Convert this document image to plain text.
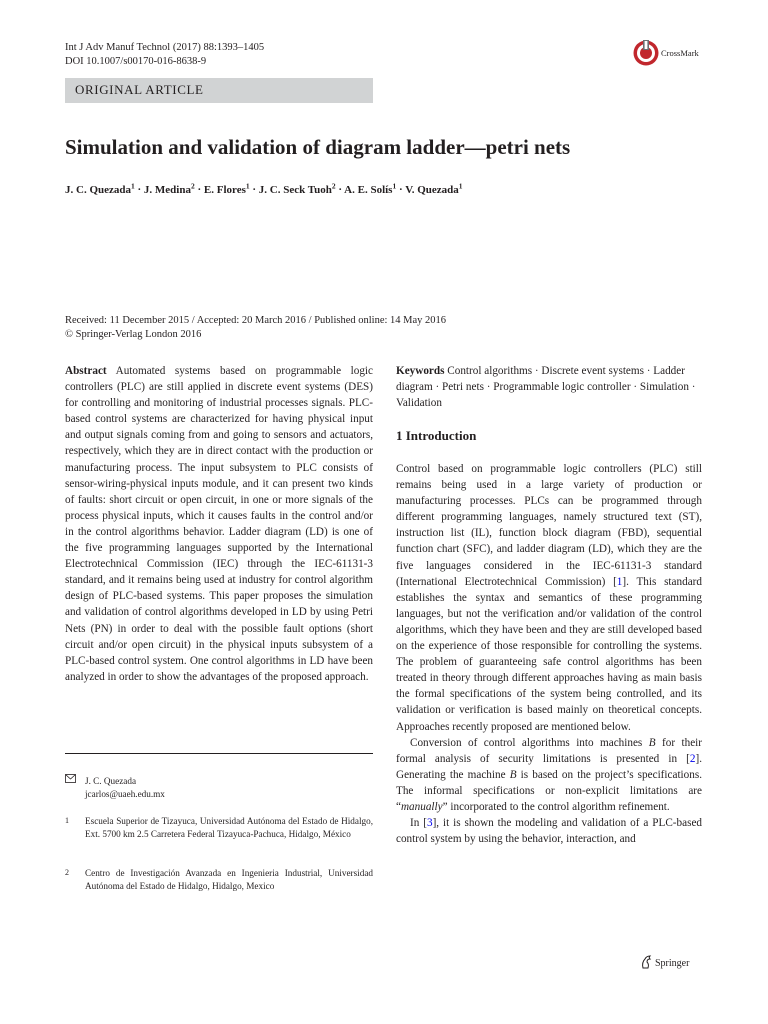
Int J Adv Manuf Technol (2017) 88:1393–1405
DOI 10.1007/s00170-016-8638-9
CrossMark
ORIGINAL ARTICLE
Simulation and validation of diagram ladder—petri nets
J. C. Quezada$^1$ · J. Medina$^2$ · E. Flores$^1$ · J. C. Seck Tuoh$^2$ · A. E. Solís$^1$ · V. Quezada$^1$
Received: 11 December 2015 / Accepted: 20 March 2016 / Published online: 14 May 2016
© Springer-Verlag London 2016

Abstract Automated systems based on programmable logic controllers (PLC) are still applied in discrete event systems (DES) for controlling and monitoring of industrial processes signals. PLC-based control systems are characterized for having physical input and output signals coming from and going to sensors and actuators, respectively, which they are in direct contact with the production or manufacturing process. The input subsystem to PLC consists of sensor-wiring-physical inputs module, and it can present two kinds of faults: short circuit or open circuit, in one or more signals of the process physical inputs, which it causes faults in the control and/or in the control algorithms behavior. Ladder diagram (LD) is one of the five programming languages supported by the International Electrotechnical Commission (IEC) through the IEC-61131-3 standard, and it remains being used at industry for control algorithm design of PLC-based systems. This paper proposes the simulation and validation of control algorithms developed in LD by using Petri Nets (PN) in order to deal with the possible fault options (short circuit and/or open circuit) in the physical inputs subsystem of a PLC-based control system. One control algorithms in LD have been analyzed in order to show the advantages of the proposed approach.

J. C. Quezada
jcarlos@uaeh.edu.mx
1 Escuela Superior de Tizayuca, Universidad Autónoma del Estado de Hidalgo, Ext. 5700 km 2.5 Carretera Federal Tizayuca-Pachuca, Hidalgo, México
2 Centro de Investigación Avanzada en Ingenieria Industrial, Universidad Autónoma del Estado de Hidalgo, Hidalgo, Mexico

Keywords Control algorithms · Discrete event systems · Ladder diagram · Petri nets · Programmable logic controller · Simulation · Validation

1 Introduction

Control based on programmable logic controllers (PLC) still remains being used in a large variety of production or manufacturing processes. PLCs can be programmed through different programming languages, namely structured text (ST), instruction list (IL), function block diagram (FBD), sequential function chart (SFC), and ladder diagram (LD), which they are the five languages considered in the IEC-61131-3 standard (International Electrotechnical Commission) [1]. This standard establishes the syntax and semantics of these programming languages, but not the verification and/or validation of the control algorithms, which they have been and they are still developed based on the experience of those responsible for controlling the systems. The problem of guaranteeing safe control algorithms has been treated in theory through different approaches having as main basis the formal specifications of the system being controlled, and its validation or verification is based mainly on theoretical concepts. Approaches recently proposed are mentioned below.

Conversion of control algorithms into machines B for their formal analysis of security limitations is presented in [2]. Generating the machine B is based on the project’s specifications. The informal specifications or non-explicit limitations are “manually” incorporated to the control algorithm refinement.

In [3], it is shown the modeling and validation of a PLC-based control system by using the behavior, interaction, and

Springer
